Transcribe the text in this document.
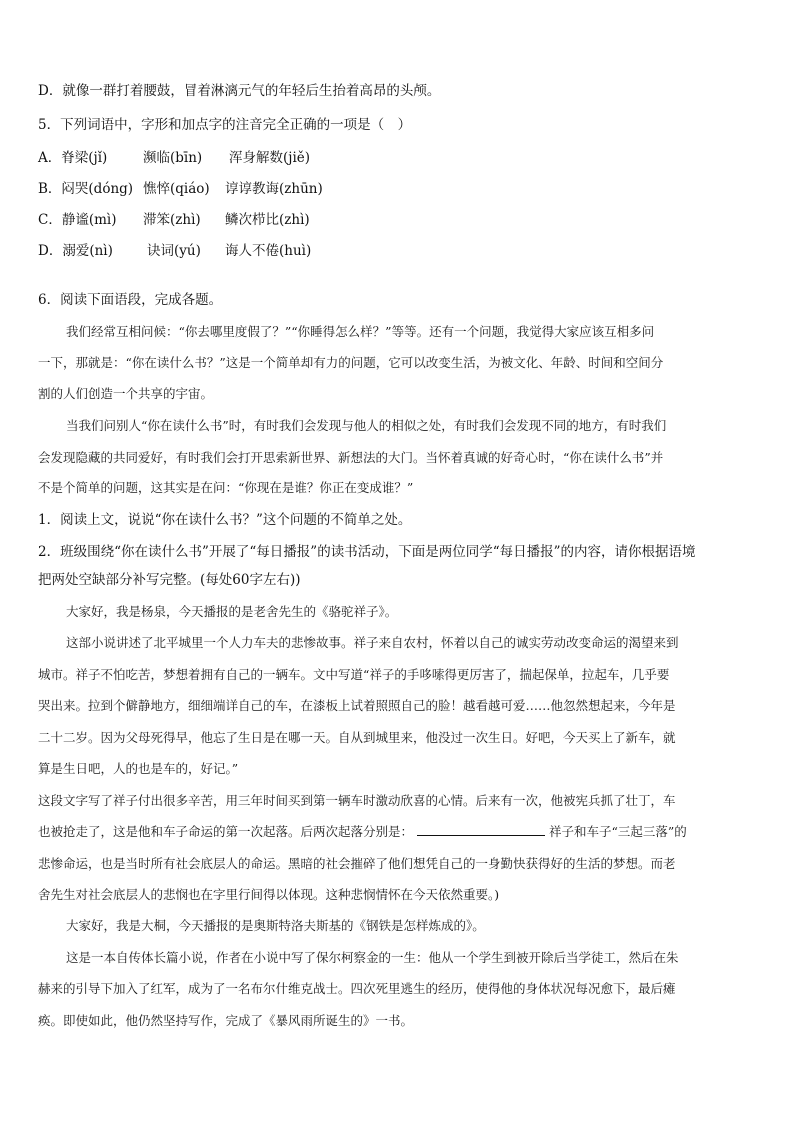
D．就像一群打着腰鼓，冒着淋漓元气的年轻后生抬着高昂的头颅。
5．下列词语中，字形和加点字的注音完全正确的一项是（　）
A．脊梁(jǐ)	濒临(bīn) 浑身解数(jiě)
B．闷哭(dóng) 憔悴(qiáo) 谆谆教诲(zhūn)
C．静谧(mì) 滞笨(zhì) 鳞次栉比(zhì)
D．溺爱(nì)	诀词(yú) 诲人不倦(huì)
6．阅读下面语段，完成各题。
我们经常互相问候：“你去哪里度假了？”“你睡得怎么样？”等等。还有一个问题，我觉得大家应该互相多问
一下，那就是：“你在读什么书？”这是一个简单却有力的问题，它可以改变生活，为被文化、年龄、时间和空间分
割的人们创造一个共享的宇宙。
当我们问别人“你在读什么书”时，有时我们会发现与他人的相似之处，有时我们会发现不同的地方，有时我们
会发现隐藏的共同爱好，有时我们会打开思索新世界、新想法的大门。当怀着真诚的好奇心时，“你在读什么书”并
不是个简单的问题，这其实是在问：“你现在是谁？你正在变成谁？”
1．阅读上文，说说“你在读什么书？”这个问题的不简单之处。
2．班级围绕“你在读什么书”开展了“每日播报”的读书活动，下面是两位同学“每日播报”的内容，请你根据语境
把两处空缺部分补写完整。(每处60字左右))
大家好，我是杨泉，今天播报的是老舍先生的《骆驼祥子》。
这部小说讲述了北平城里一个人力车夫的悲惨故事。祥子来自农村，怀着以自己的诚实劳动改变命运的渴望来到
城市。祥子不怕吃苦，梦想着拥有自己的一辆车。文中写道“祥子的手哆嗦得更厉害了，揣起保单，拉起车，几乎要
哭出来。拉到个僻静地方，细细端详自己的车，在漆板上试着照照自己的脸！越看越可爱……他忽然想起来，今年是
二十二岁。因为父母死得早，他忘了生日是在哪一天。自从到城里来，他没过一次生日。好吧，今天买上了新车，就
算是生日吧，人的也是车的，好记。”
这段文字写了祥子付出很多辛苦，用三年时间买到第一辆车时激动欣喜的心情。后来有一次，他被宪兵抓了壮丁，车
也被抢走了，这是他和车子命运的第一次起落。后两次起落分别是：	祥子和车子“三起三落”的
悲惨命运，也是当时所有社会底层人的命运。黑暗的社会摧碎了他们想凭自己的一身勤快获得好的生活的梦想。而老
舍先生对社会底层人的悲悯也在字里行间得以体现。这种悲悯情怀在今天依然重要。)
大家好，我是大桐，今天播报的是奥斯特洛夫斯基的《钢铁是怎样炼成的》。
这是一本自传体长篇小说，作者在小说中写了保尔柯察金的一生：他从一个学生到被开除后当学徒工，然后在朱
赫来的引导下加入了红军，成为了一名布尔什维克战士。四次死里逃生的经历，使得他的身体状况每况愈下，最后瘫
痪。即使如此，他仍然坚持写作，完成了《暴风雨所诞生的》一书。
